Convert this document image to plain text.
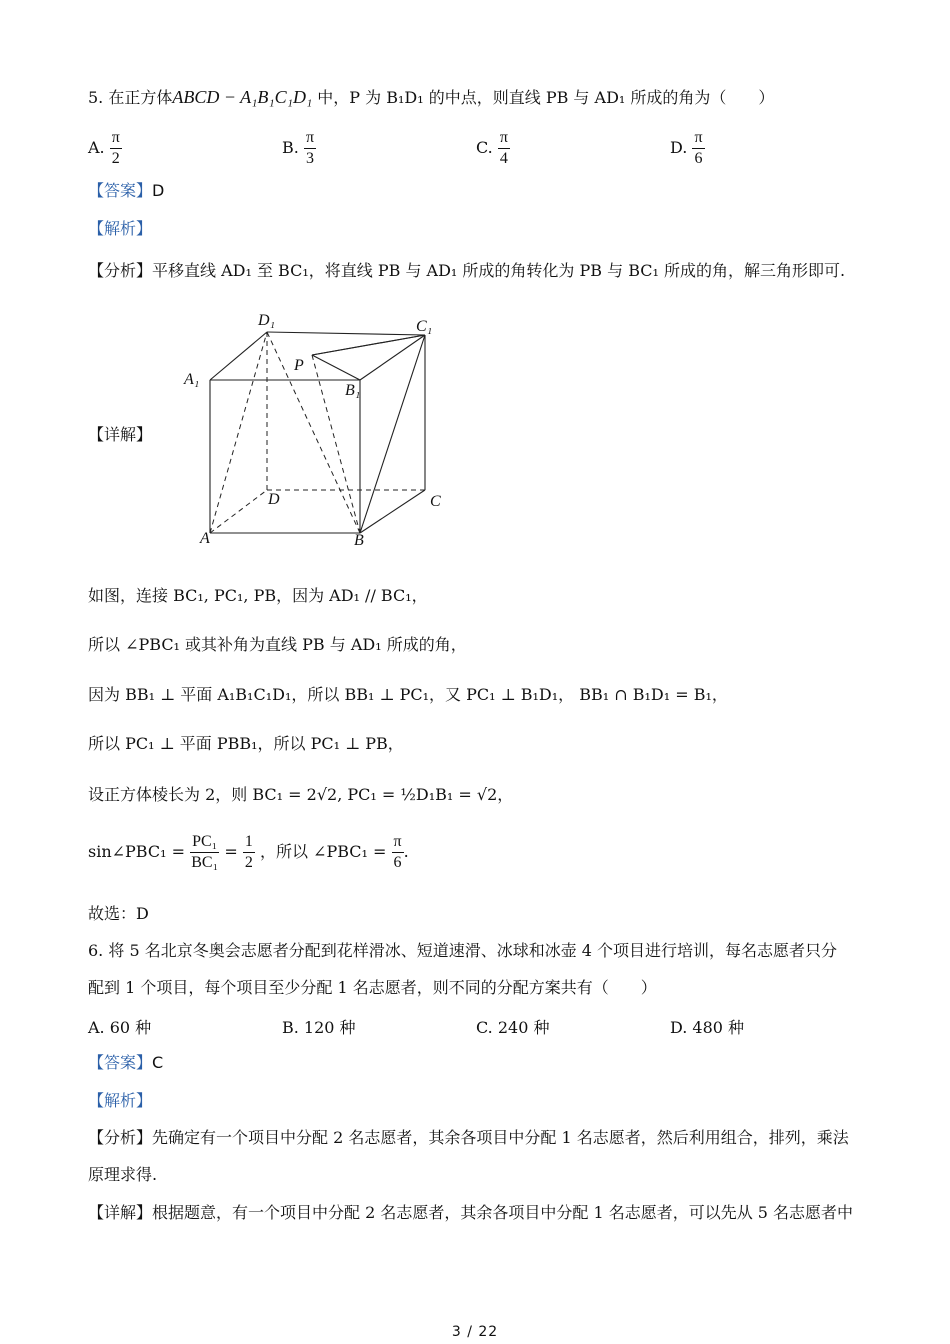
5. 在正方体ABCD − A₁B₁C₁D₁ 中，P 为 B₁D₁ 的中点，则直线 PB 与 AD₁ 所成的角为（　　）
A. $\frac{\pi}{2}$	B. $\frac{\pi}{3}$	C. $\frac{\pi}{4}$	D. $\frac{\pi}{6}$
【答案】D
【解析】
【分析】平移直线 AD₁ 至 BC₁，将直线 PB 与 AD₁ 所成的角转化为 PB 与 BC₁ 所成的角，解三角形即可.
【详解】
D₁	C₁
A₁
B₁
P
D	C
A	B
如图，连接 BC₁, PC₁, PB，因为 AD₁ // BC₁，
所以 ∠PBC₁ 或其补角为直线 PB 与 AD₁ 所成的角，
因为 BB₁ ⊥ 平面 A₁B₁C₁D₁，所以 BB₁ ⊥ PC₁，又 PC₁ ⊥ B₁D₁， BB₁ ∩ B₁D₁ = B₁，
所以 PC₁ ⊥ 平面 PBB₁，所以 PC₁ ⊥ PB，
设正方体棱长为 2，则 BC₁ = 2√2, PC₁ = ½D₁B₁ = √2，
sin∠PBC₁ = $\frac{\text{PC₁}}{\text{BC₁}} = \frac{1}{2}$ ，所以 ∠PBC₁ = $\frac{\pi}{6}$ .
故选：D
6. 将 5 名北京冬奥会志愿者分配到花样滑冰、短道速滑、冰球和冰壶 4 个项目进行培训，每名志愿者只分
配到 1 个项目，每个项目至少分配 1 名志愿者，则不同的分配方案共有（　　）
A. 60 种	B. 120 种	C. 240 种	D. 480 种
【答案】C
【解析】
【分析】先确定有一个项目中分配 2 名志愿者，其余各项目中分配 1 名志愿者，然后利用组合，排列，乘法
原理求得.
【详解】根据题意，有一个项目中分配 2 名志愿者，其余各项目中分配 1 名志愿者，可以先从 5 名志愿者中
3 / 22
